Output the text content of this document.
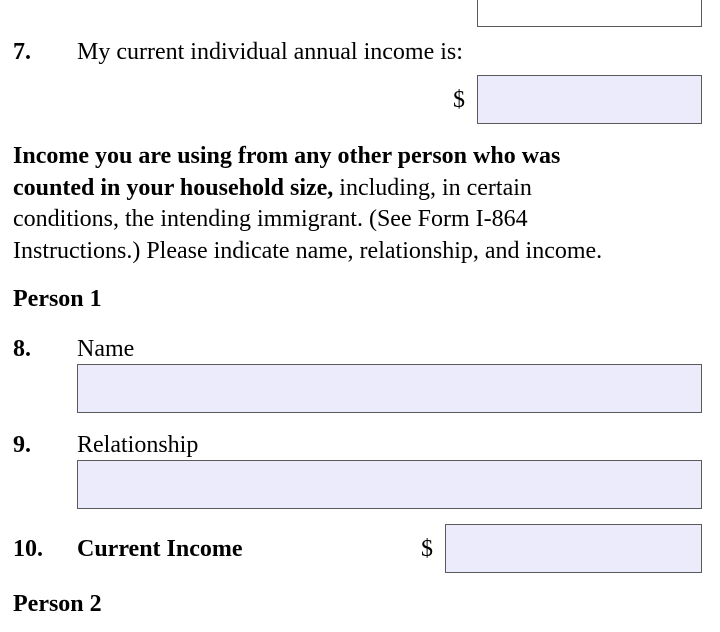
7. My current individual annual income is:
$
Income you are using from any other person who was
counted in your household size, including, in certain
conditions, the intending immigrant. (See Form I-864
Instructions.) Please indicate name, relationship, and income.
Person 1
8. Name
9. Relationship
10. Current Income	$
Person 2
